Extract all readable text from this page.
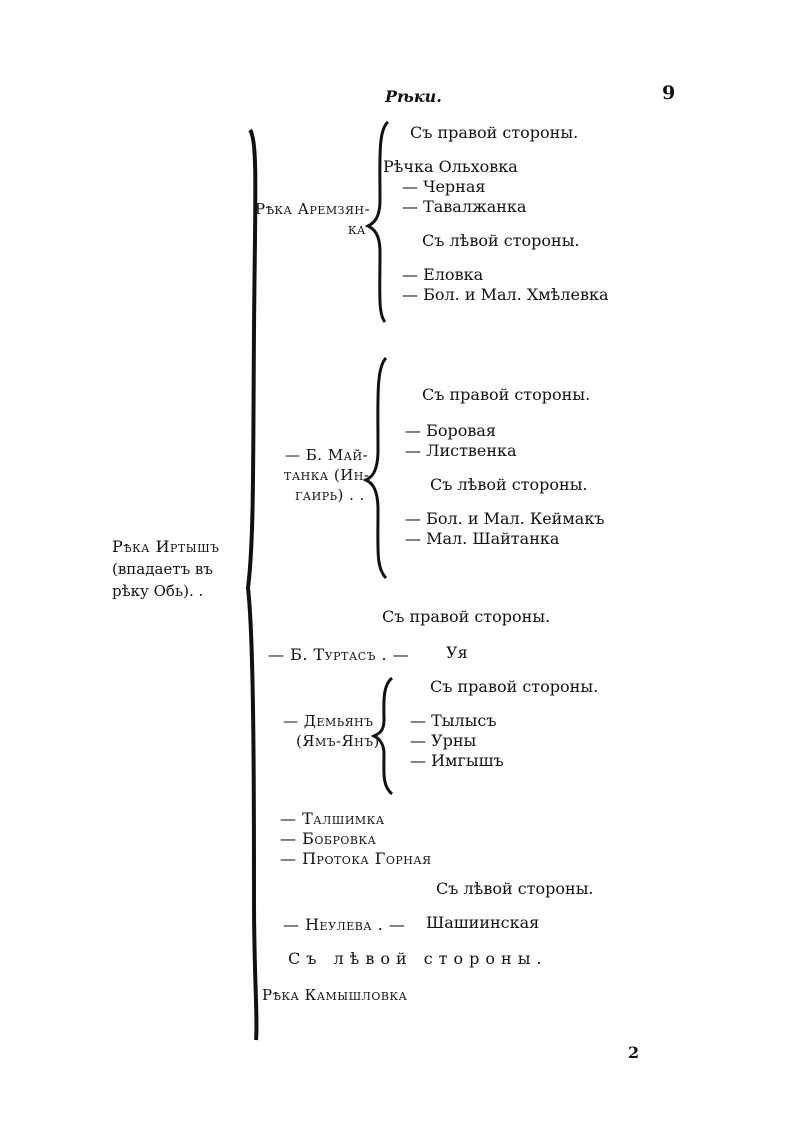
Рѣки.	9
Рѣка Иртышъ
(впадаетъ въ
рѣку Обь). .
Рѣка Аремзян-
ка
Съ правой стороны.
Рѣчка Ольховка
— Черная
— Тавалжанка
Съ лѣвой стороны.
— Еловка
— Бол. и Мал. Хмѣлевка
— Б. Май-
танка (Ин-
гаирь) . .
Съ правой стороны.
— Боровая
— Лиственка
Съ лѣвой стороны.
— Бол. и Мал. Кеймакъ
— Мал. Шайтанка
Съ правой стороны.
— Б. Туртасъ . — Уя
— Демьянъ
(Ямъ-Янъ)
Съ правой стороны.
— Тылысъ
— Урны
— Имгышъ
— Талшимка
— Бобровка
— Протока Горная
Съ лѣвой стороны.
— Неулева . — Шашиинская
Съ лѣвой стороны.
Рѣка Камышловка
2
